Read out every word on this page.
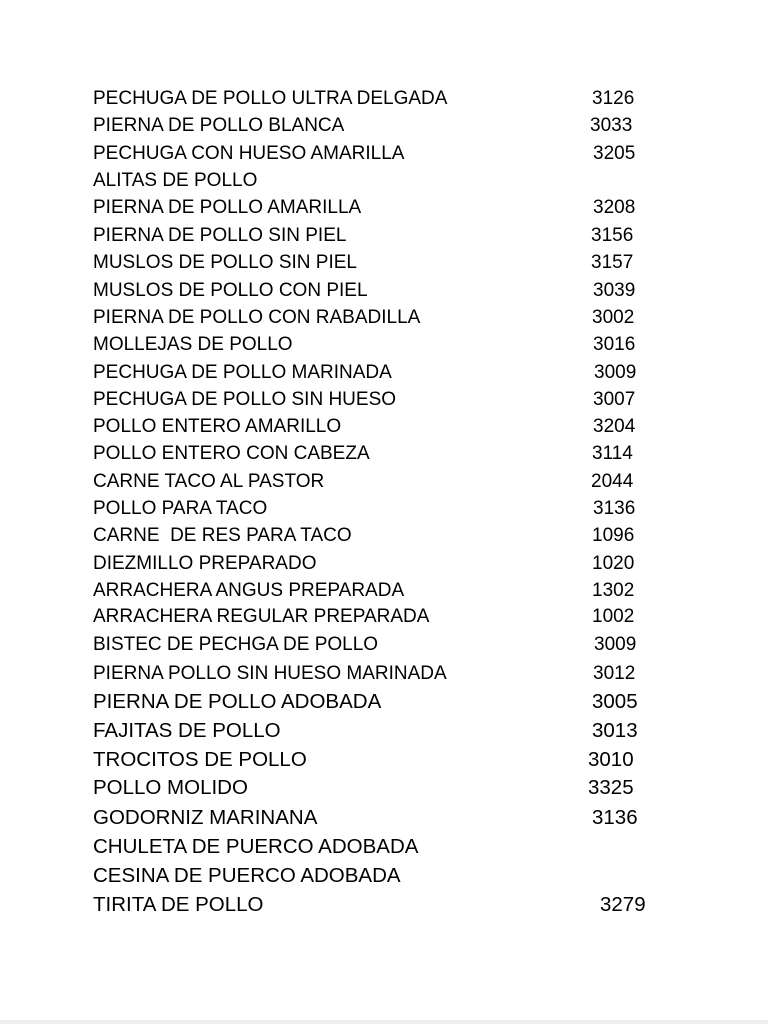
PECHUGA DE POLLO ULTRA DELGADA	3126
PIERNA DE POLLO BLANCA	3033
PECHUGA CON HUESO AMARILLA	3205
ALITAS DE POLLO
PIERNA DE POLLO AMARILLA	3208
PIERNA DE POLLO SIN PIEL	3156
MUSLOS DE POLLO SIN PIEL	3157
MUSLOS DE POLLO CON PIEL	3039
PIERNA DE POLLO CON RABADILLA	3002
MOLLEJAS DE POLLO	3016
PECHUGA DE POLLO MARINADA	3009
PECHUGA DE POLLO SIN HUESO	3007
POLLO ENTERO AMARILLO	3204
POLLO ENTERO CON CABEZA	3114
CARNE TACO AL PASTOR	2044
POLLO PARA TACO	3136
CARNE  DE RES PARA TACO	1096
DIEZMILLO PREPARADO	1020
ARRACHERA ANGUS PREPARADA	1302
ARRACHERA REGULAR PREPARADA	1002
BISTEC DE PECHGA DE POLLO	3009
PIERNA POLLO SIN HUESO MARINADA	3012
PIERNA DE POLLO ADOBADA	3005
FAJITAS DE POLLO	3013
TROCITOS DE POLLO	3010
POLLO MOLIDO	3325
GODORNIZ MARINANA	3136
CHULETA DE PUERCO ADOBADA
CESINA DE PUERCO ADOBADA
TIRITA DE POLLO	3279
